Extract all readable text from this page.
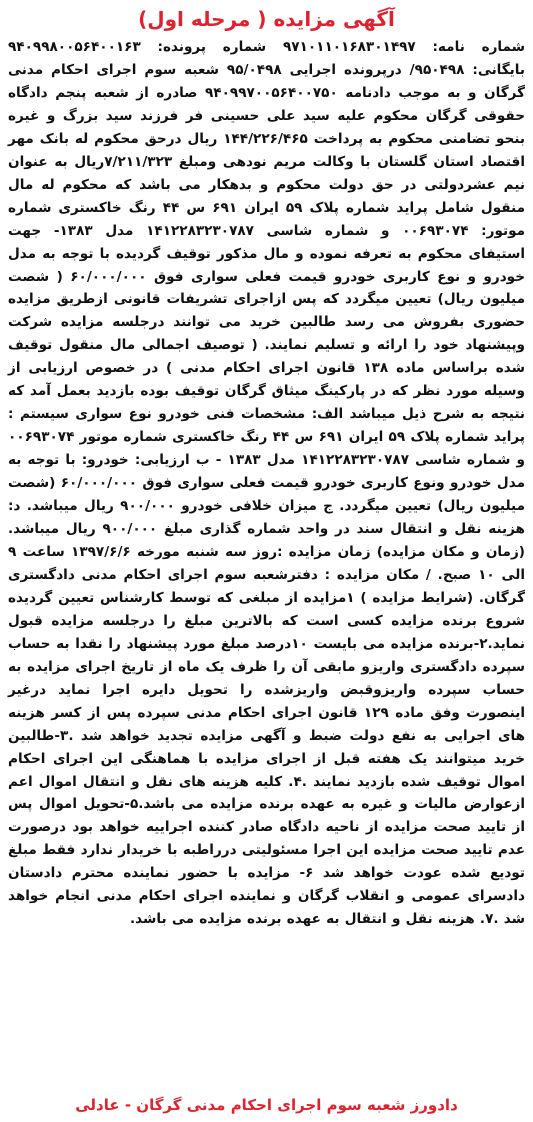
آگهی مزایده ( مرحله اول)

شماره نامه: ۹۷۱۰۱۱۰۱۶۸۳۰۱۴۹۷ شماره پرونده: ۹۴۰۹۹۸۰۰۵۶۴۰۰۱۶۳ بایگانی: ۹۵۰۴۹۸/ درپرونده اجرایی ۹۵/۰۴۹۸ شعبه سوم اجرای احکام مدنی گرگان و به موجب دادنامه ۹۴۰۹۹۷۰۰۵۶۴۰۰۷۵۰ صادره از شعبه پنجم دادگاه حقوقی گرگان محکوم علیه سید علی حسینی فر فرزند سید بزرگ و غیره بنحو تضامنی محکوم به پرداخت ۱۴۴/۲۲۶/۴۶۵ ریال درحق محکوم له بانک مهر اقتصاد استان گلستان با وکالت مریم نودهی ومبلغ ۷/۲۱۱/۳۲۳ریال به عنوان نیم عشردولتی در حق دولت محکوم و بدهکار می باشد که محکوم له مال منقول شامل پراید شماره پلاک ۵۹ ایران ۶۹۱ س ۴۴ رنگ خاکستری شماره موتور: ۰۰۶۹۳۰۷۴ و شماره شاسی ۱۴۱۲۲۸۳۲۳۰۷۸۷ مدل ۱۳۸۳- جهت استیفای محکوم به تعرفه نموده و مال مذکور توقیف گردیده با توجه به مدل خودرو و نوع کاربری خودرو قیمت فعلی سواری فوق ۶۰/۰۰۰/۰۰۰ ( شصت میلیون ریال) تعیین میگردد که پس ازاجرای تشریفات قانونی ازطریق مزایده حضوری بفروش می رسد طالبین خرید می توانند درجلسه مزایده شرکت وپیشنهاد خود را ارائه و تسلیم نمایند. ( توصیف اجمالی مال منقول توقیف شده براساس ماده ۱۳۸ قانون اجرای احکام مدنی ) در خصوص ارزیابی از وسیله مورد نظر که در پارکینگ میثاق گرگان توقیف بوده بازدید بعمل آمد که نتیجه به شرح ذیل میباشد الف: مشخصات فنی خودرو نوع سواری سیستم : پراید شماره پلاک ۵۹ ایران ۶۹۱ س ۴۴ رنگ خاکستری شماره موتور ۰۰۶۹۳۰۷۴ و شماره شاسی ۱۴۱۲۲۸۳۲۳۰۷۸۷ مدل ۱۳۸۳ - ب ارزیابی: خودرو: با توجه به مدل خودرو ونوع کاربری خودرو قیمت فعلی سواری فوق ۶۰/۰۰۰/۰۰۰ (شصت میلیون ریال) تعیین میگردد. ج میزان خلافی خودرو ۹۰۰/۰۰۰ ریال میباشد. د: هزینه نقل و انتقال سند در واحد شماره گذاری مبلغ ۹۰۰/۰۰۰ ریال میباشد.(زمان و مکان مزایده) زمان مزایده :روز سه شنبه مورخه ۱۳۹۷/۶/۶ ساعت ۹ الی ۱۰ صبح. / مکان مزایده : دفترشعبه سوم اجرای احکام مدنی دادگستری گرگان. (شرایط مزایده ) ۱مزایده از مبلغی که توسط کارشناس تعیین گردیده شروع برنده مزایده کسی است که بالاترین مبلغ را درجلسه مزایده قبول نماید.۲-برنده مزایده می بایست ۱۰درصد مبلغ مورد پیشنهاد را نقدا به حساب سپرده دادگستری واریزو مابقی آن را ظرف یک ماه از تاریخ اجرای مزایده به حساب سپرده واریزوقبض واریزشده را تحویل دایره اجرا نماید درغیر اینصورت وفق ماده ۱۲۹ قانون اجرای احکام مدنی سپرده پس از کسر هزینه های اجرایی به نفع دولت ضبط و آگهی مزایده تجدید خواهد شد .۳-طالبین خرید میتوانند یک هفته قبل از اجرای مزایده با هماهنگی این اجرای احکام اموال توقیف شده بازدید نمایند .۴. کلیه هزینه های نقل و انتقال اموال اعم ازعوارض مالیات و غیره به عهده برنده مزایده می باشد.۵-تحویل اموال پس از تایید صحت مزایده از ناحیه دادگاه صادر کننده اجراییه خواهد بود درصورت عدم تایید صحت مزایده این اجرا مسئولیتی درراطبه با خریدار ندارد فقط مبلغ تودیع شده عودت خواهد شد ۶- مزایده با حضور نماینده محترم دادستان دادسرای عمومی و انقلاب گرگان و نماینده اجرای احکام مدنی انجام خواهد شد .۷. هزینه نقل و انتقال به عهده برنده مزایده می باشد.

دادورز شعبه سوم اجرای احکام مدنی گرگان - عادلی
